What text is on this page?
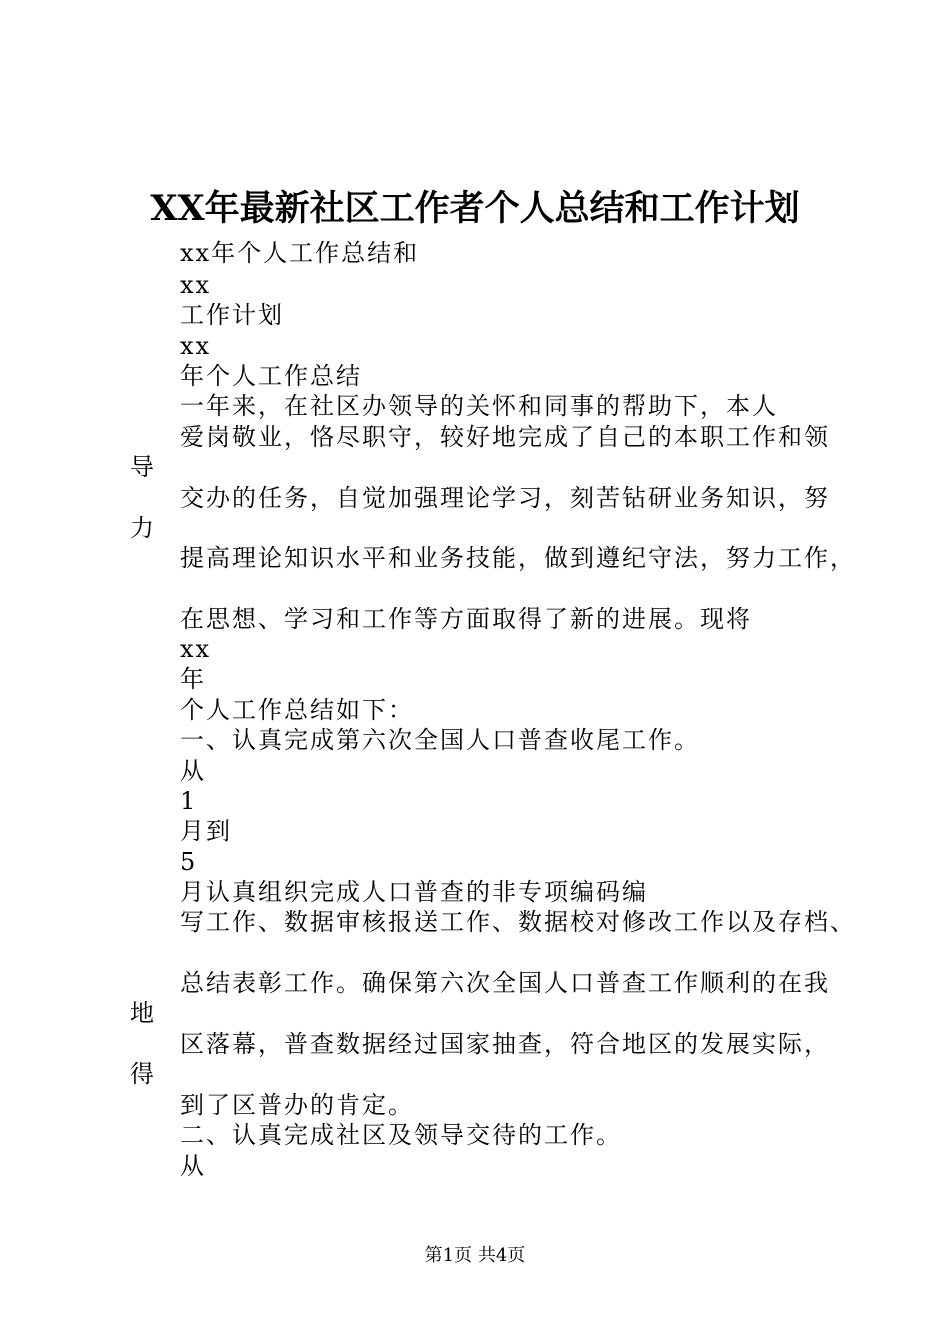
XX年最新社区工作者个人总结和工作计划
xx年个人工作总结和
xx
工作计划
xx
年个人工作总结
一年来，在社区办领导的关怀和同事的帮助下，本人
爱岗敬业，恪尽职守，较好地完成了自己的本职工作和领
导
交办的任务，自觉加强理论学习，刻苦钻研业务知识，努
力
提高理论知识水平和业务技能，做到遵纪守法，努力工作，
在思想、学习和工作等方面取得了新的进展。现将
xx
年
个人工作总结如下：
一、认真完成第六次全国人口普查收尾工作。
从
1
月到
5
月认真组织完成人口普查的非专项编码编
写工作、数据审核报送工作、数据校对修改工作以及存档、
总结表彰工作。确保第六次全国人口普查工作顺利的在我
地
区落幕，普查数据经过国家抽查，符合地区的发展实际，
得
到了区普办的肯定。
二、认真完成社区及领导交待的工作。
从
第1页 共4页
